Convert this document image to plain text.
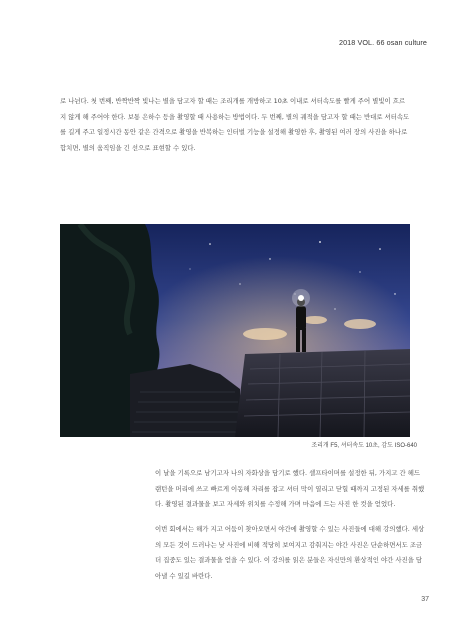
2018 VOL. 66 osan culture

로 나뉜다. 첫 번째, 반짝반짝 빛나는 별을 담고자 할 때는 조리개를 개방하고 10초 이내로 셔터속도를 빨게 주어 별빛이 흐르지 않게 해 주어야 한다. 보통 은하수 등을 촬영할 때 사용하는 방법이다. 두 번째, 별의 궤적을 담고자 할 때는 반대로 셔터속도를 길게 주고 일정시간 동안 같은 간격으로 촬영을 반복하는 인터벌 기능을 설정해 촬영한 후, 촬영된 여러 장의 사진을 하나로 합치면, 별의 움직임을 긴 선으로 표현할 수 있다.

조리개 F5, 셔터속도 10초, 감도 ISO-640

이 날을 기록으로 남기고자 나의 자화상을 담기로 했다. 셀프타이머를 설정한 뒤, 가지고 간 헤드랜턴을 머리에 쓰고 빠르게 이동해 자리를 잡고 셔터 막이 열리고 닫힐 때까지 고정된 자세를 취했다. 촬영된 결과물을 보고 자세와 위치를 수정해 가며 마음에 드는 사진 한 컷을 얻었다.

이번 회에서는 해가 지고 어둠이 찾아오면서 야간에 촬영할 수 있는 사진들에 대해 강의했다. 세상의 모든 것이 드러나는 낮 사진에 비해 적당히 보여지고 감춰지는 야간 사진은 단순하면서도 조금 더 집중도 있는 결과물을 얻을 수 있다. 이 강의를 읽은 분들은 자신만의 환상적인 야간 사진을 담아낼 수 있길 바란다.

37
